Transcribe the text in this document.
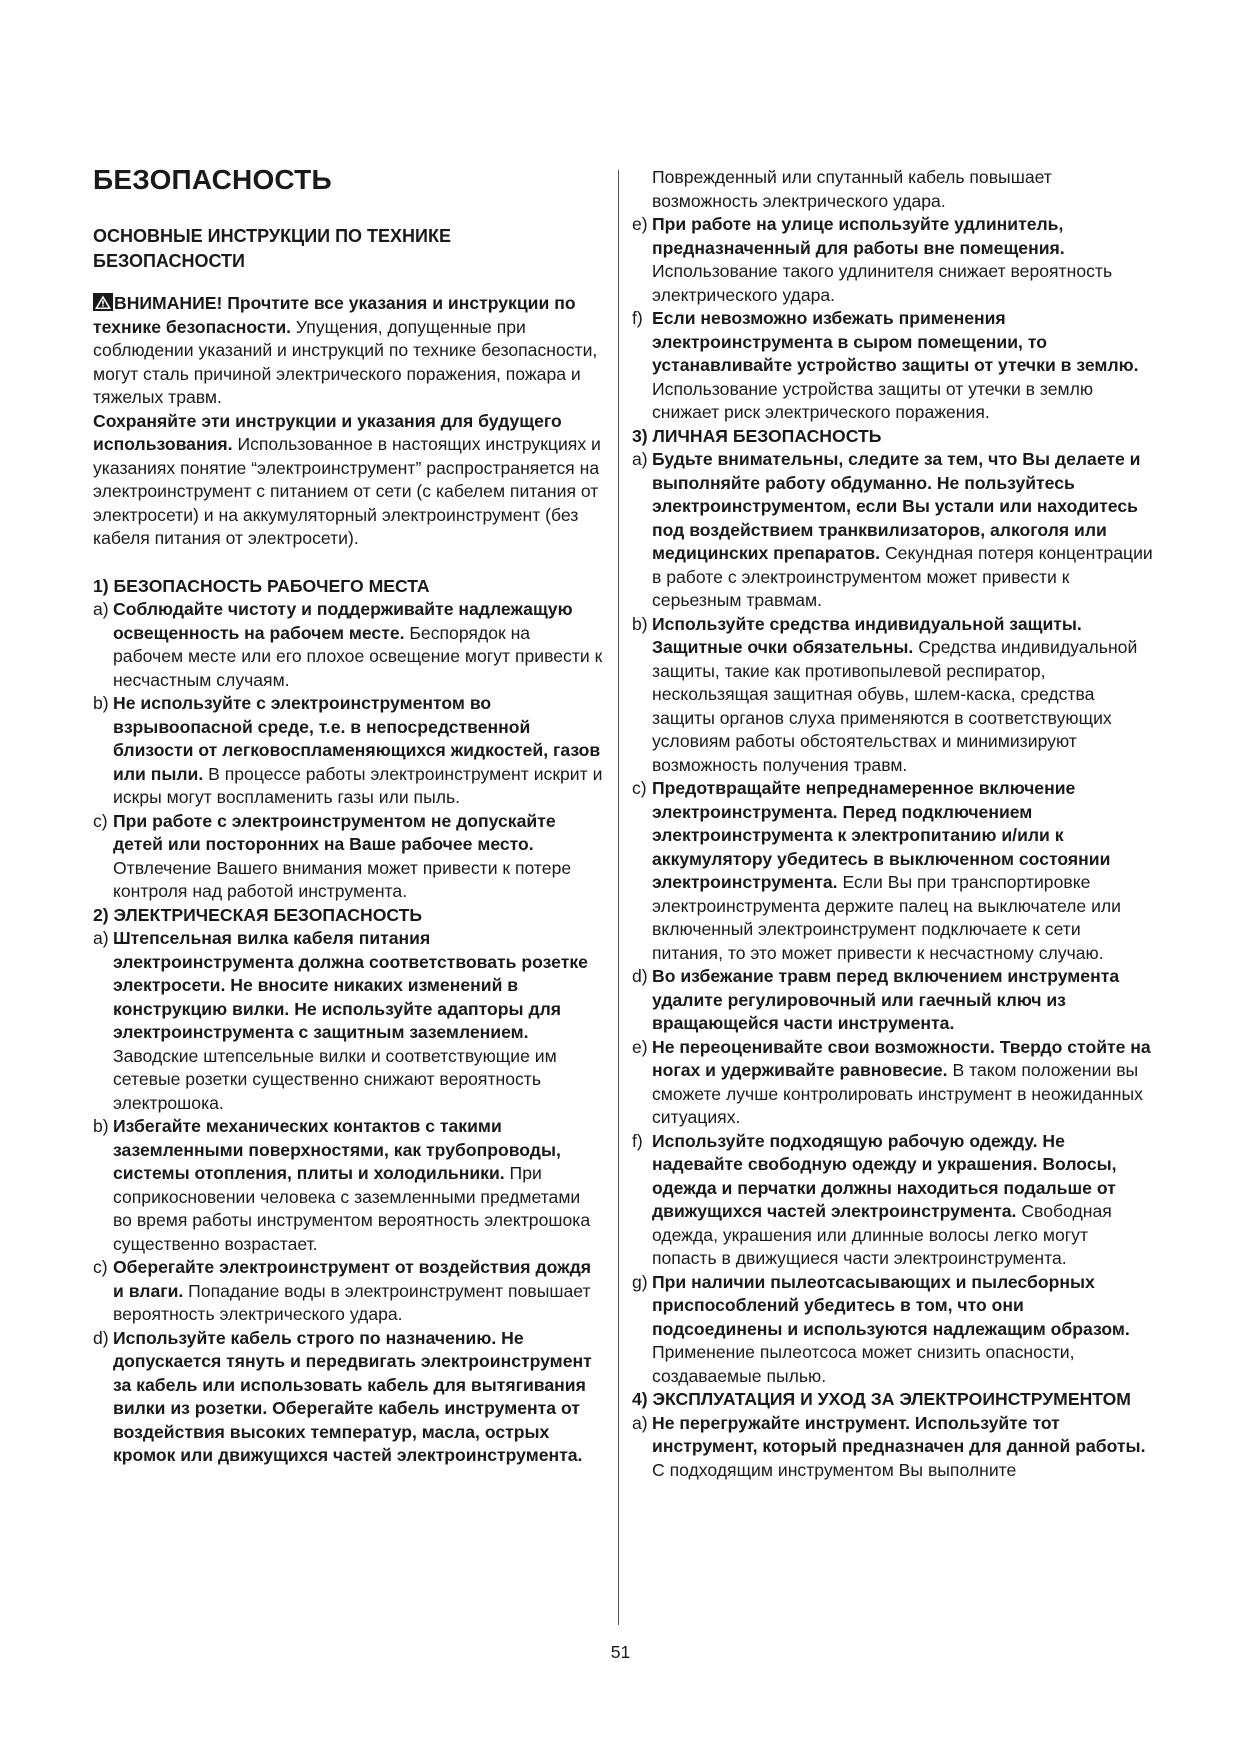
БЕЗОПАСНОСТЬ
ОСНОВНЫЕ ИНСТРУКЦИИ ПО ТЕХНИКЕ БЕЗОПАСНОСТИ

ВНИМАНИЕ! Прочтите все указания и инструкции по технике безопасности. Упущения, допущенные при соблюдении указаний и инструкций по технике безопасности, могут сталь причиной электрического поражения, пожара и тяжелых травм.

Сохраняйте эти инструкции и указания для будущего использования. Использованное в настоящих инструкциях и указаниях понятие “электроинструмент” распространяется на электроинструмент с питанием от сети (с кабелем питания от электросети) и на аккумуляторный электроинструмент (без кабеля питания от электросети).

1) БЕЗОПАСНОСТЬ РАБОЧЕГО МЕСТА

a) Соблюдайте чистоту и поддерживайте надлежащую освещенность на рабочем месте. Беспорядок на рабочем месте или его плохое освещение могут привести к несчастным случаям.

b) Не используйте с электроинструментом во взрывоопасной среде, т.е. в непосредственной близости от легковоспламеняющихся жидкостей, газов или пыли. В процессе работы электроинструмент искрит и искры могут воспламенить газы или пыль.

c) При работе с электроинструментом не допускайте детей или посторонних на Ваше рабочее место. Отвлечение Вашего внимания может привести к потере контроля над работой инструмента.

2) ЭЛЕКТРИЧЕСКАЯ БЕЗОПАСНОСТЬ

a) Штепсельная вилка кабеля питания электроинструмента должна соответствовать розетке электросети. Не вносите никаких изменений в конструкцию вилки. Не используйте адапторы для электроинструмента с защитным заземлением. Заводские штепсельные вилки и соответствующие им сетевые розетки существенно снижают вероятность электрошока.

b) Избегайте механических контактов с такими заземленными поверхностями, как трубопроводы, системы отопления, плиты и холодильники. При соприкосновении человека с заземленными предметами во время работы инструментом вероятность электрошока существенно возрастает.

c) Оберегайте электроинструмент от воздействия дождя и влаги. Попадание воды в электроинструмент повышает вероятность электрического удара.

d) Используйте кабель строго по назначению. Не допускается тянуть и передвигать электроинструмент за кабель или использовать кабель для вытягивания вилки из розетки. Оберегайте кабель инструмента от воздействия высоких температур, масла, острых кромок или движущихся частей электроинструмента.

Поврежденный или спутанный кабель повышает возможность электрического удара.

e) При работе на улице используйте удлинитель, предназначенный для работы вне помещения. Использование такого удлинителя снижает вероятность электрического удара.

f) Если невозможно избежать применения электроинструмента в сыром помещении, то устанавливайте устройство защиты от утечки в землю. Использование устройства защиты от утечки в землю снижает риск электрического поражения.

3) ЛИЧНАЯ БЕЗОПАСНОСТЬ

a) Будьте внимательны, следите за тем, что Вы делаете и выполняйте работу обдуманно. Не пользуйтесь электроинструментом, если Вы устали или находитесь под воздействием транквилизаторов, алкоголя или медицинских препаратов. Секундная потеря концентрации в работе с электроинструментом может привести к серьезным травмам.

b) Используйте средства индивидуальной защиты. Защитные очки обязательны. Средства индивидуальной защиты, такие как противопылевой респиратор, нескользящая защитная обувь, шлем-каска, средства защиты органов слуха применяются в соответствующих условиям работы обстоятельствах и минимизируют возможность получения травм.

c) Предотвращайте непреднамеренное включение электроинструмента. Перед подключением электроинструмента к электропитанию и/или к аккумулятору убедитесь в выключенном состоянии электроинструмента. Если Вы при транспортировке электроинструмента держите палец на выключателе или включенный электроинструмент подключаете к сети питания, то это может привести к несчастному случаю.

d) Во избежание травм перед включением инструмента удалите регулировочный или гаечный ключ из вращающейся части инструмента.

e) Не переоценивайте свои возможности. Твердо стойте на ногах и удерживайте равновесие. В таком положении вы сможете лучше контролировать инструмент в неожиданных ситуациях.

f) Используйте подходящую рабочую одежду. Не надевайте свободную одежду и украшения. Волосы, одежда и перчатки должны находиться подальше от движущихся частей электроинструмента. Свободная одежда, украшения или длинные волосы легко могут попасть в движущиеся части электроинструмента.

g) При наличии пылеотсасывающих и пылесборных приспособлений убедитесь в том, что они подсоединены и используются надлежащим образом. Применение пылеотсоса может снизить опасности, создаваемые пылью.

4) ЭКСПЛУАТАЦИЯ И УХОД ЗА ЭЛЕКТРОИНСТРУМЕНТОМ

a) Не перегружайте инструмент. Используйте тот инструмент, который предназначен для данной работы. С подходящим инструментом Вы выполните

51
